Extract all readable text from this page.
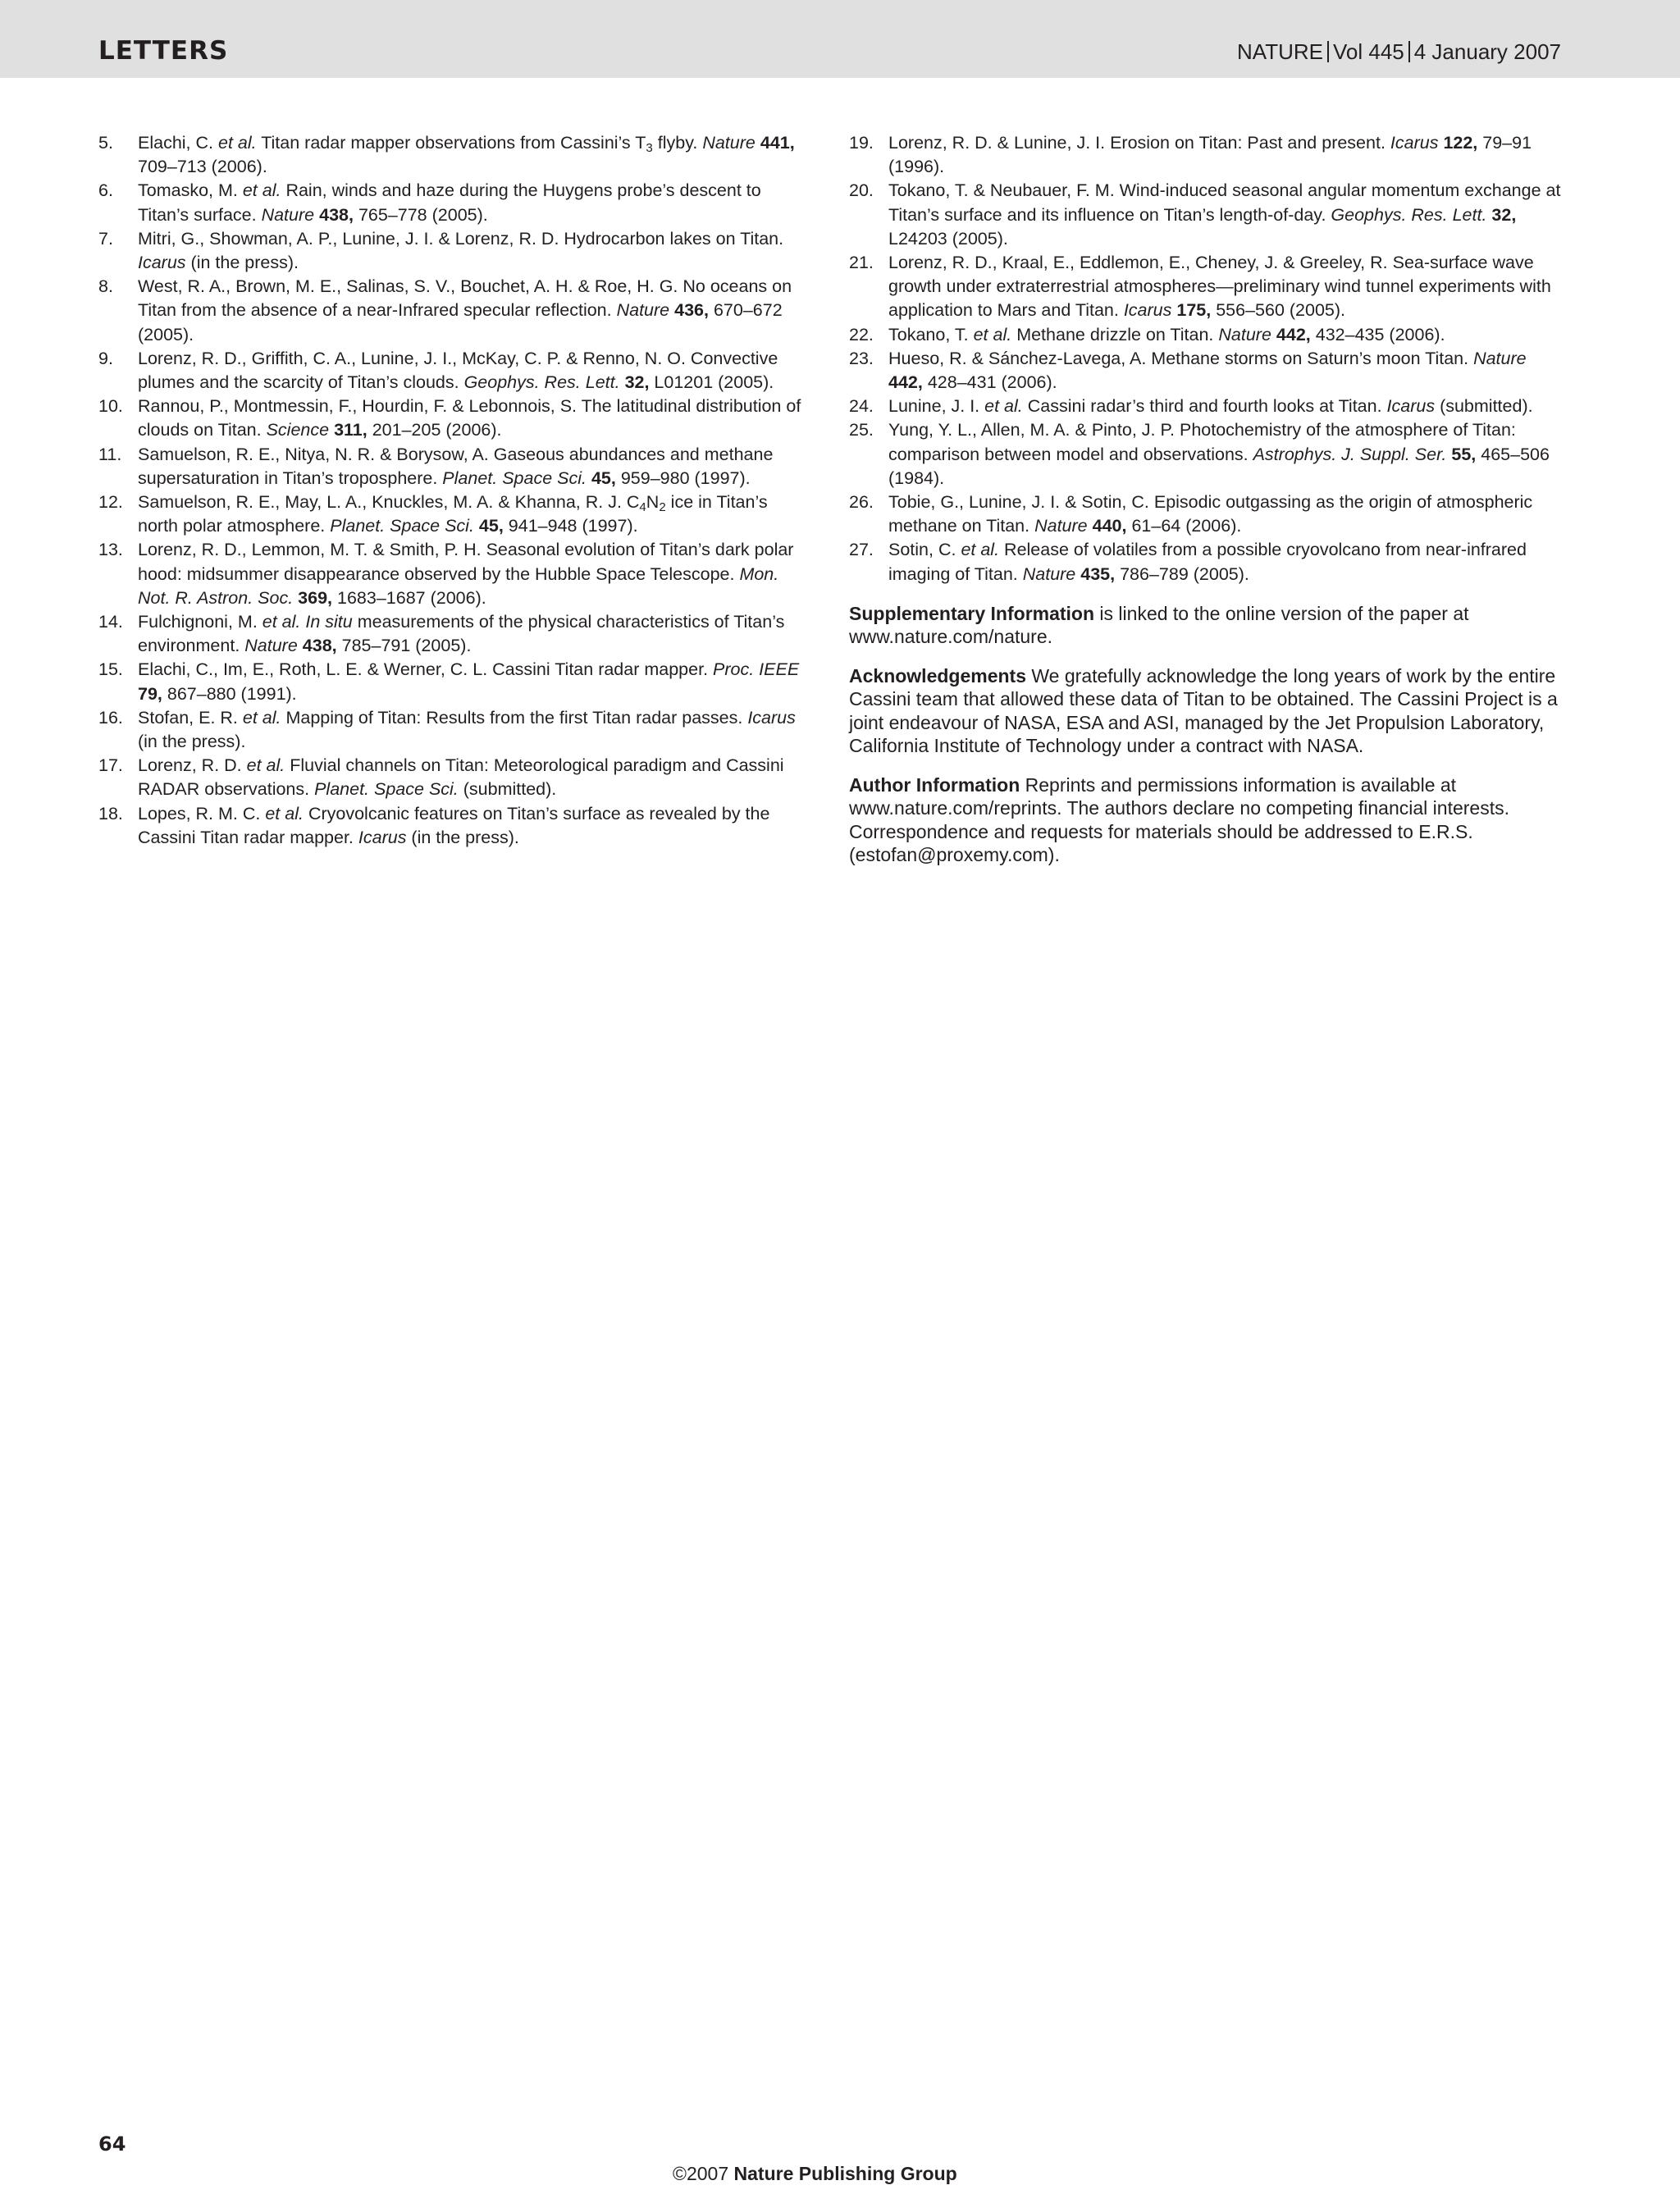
LETTERS	NATURE Vol 445 4 January 2007
5.	Elachi, C. et al. Titan radar mapper observations from Cassini’s $T_3$ flyby. Nature 441, 709–713 (2006).
6.	Tomasko, M. et al. Rain, winds and haze during the Huygens probe’s descent to Titan’s surface. Nature 438, 765–778 (2005).
7.	Mitri, G., Showman, A. P., Lunine, J. I. & Lorenz, R. D. Hydrocarbon lakes on Titan. Icarus (in the press).
8.	West, R. A., Brown, M. E., Salinas, S. V., Bouchet, A. H. & Roe, H. G. No oceans on Titan from the absence of a near-Infrared specular reflection. Nature 436, 670–672 (2005).
9.	Lorenz, R. D., Griffith, C. A., Lunine, J. I., McKay, C. P. & Renno, N. O. Convective plumes and the scarcity of Titan’s clouds. Geophys. Res. Lett. 32, L01201 (2005).
10. Rannou, P., Montmessin, F., Hourdin, F. & Lebonnois, S. The latitudinal distribution of clouds on Titan. Science 311, 201–205 (2006).
11. Samuelson, R. E., Nitya, N. R. & Borysow, A. Gaseous abundances and methane supersaturation in Titan’s troposphere. Planet. Space Sci. 45, 959–980 (1997).
12. Samuelson, R. E., May, L. A., Knuckles, M. A. & Khanna, R. J. $C_4N_2$ ice in Titan’s north polar atmosphere. Planet. Space Sci. 45, 941–948 (1997).
13. Lorenz, R. D., Lemmon, M. T. & Smith, P. H. Seasonal evolution of Titan’s dark polar hood: midsummer disappearance observed by the Hubble Space Telescope. Mon. Not. R. Astron. Soc. 369, 1683–1687 (2006).
14. Fulchignoni, M. et al. In situ measurements of the physical characteristics of Titan’s environment. Nature 438, 785–791 (2005).
15. Elachi, C., Im, E., Roth, L. E. & Werner, C. L. Cassini Titan radar mapper. Proc. IEEE 79, 867–880 (1991).
16. Stofan, E. R. et al. Mapping of Titan: Results from the first Titan radar passes. Icarus (in the press).
17. Lorenz, R. D. et al. Fluvial channels on Titan: Meteorological paradigm and Cassini RADAR observations. Planet. Space Sci. (submitted).
18. Lopes, R. M. C. et al. Cryovolcanic features on Titan’s surface as revealed by the Cassini Titan radar mapper. Icarus (in the press).
19. Lorenz, R. D. & Lunine, J. I. Erosion on Titan: Past and present. Icarus 122, 79–91 (1996).
20. Tokano, T. & Neubauer, F. M. Wind-induced seasonal angular momentum exchange at Titan’s surface and its influence on Titan’s length-of-day. Geophys. Res. Lett. 32, L24203 (2005).
21. Lorenz, R. D., Kraal, E., Eddlemon, E., Cheney, J. & Greeley, R. Sea-surface wave growth under extraterrestrial atmospheres—preliminary wind tunnel experiments with application to Mars and Titan. Icarus 175, 556–560 (2005).
22. Tokano, T. et al. Methane drizzle on Titan. Nature 442, 432–435 (2006).
23. Hueso, R. & Sánchez-Lavega, A. Methane storms on Saturn’s moon Titan. Nature 442, 428–431 (2006).
24. Lunine, J. I. et al. Cassini radar’s third and fourth looks at Titan. Icarus (submitted).
25. Yung, Y. L., Allen, M. A. & Pinto, J. P. Photochemistry of the atmosphere of Titan: comparison between model and observations. Astrophys. J. Suppl. Ser. 55, 465–506 (1984).
26. Tobie, G., Lunine, J. I. & Sotin, C. Episodic outgassing as the origin of atmospheric methane on Titan. Nature 440, 61–64 (2006).
27. Sotin, C. et al. Release of volatiles from a possible cryovolcano from near-infrared imaging of Titan. Nature 435, 786–789 (2005).

Supplementary Information is linked to the online version of the paper at www.nature.com/nature.

Acknowledgements We gratefully acknowledge the long years of work by the entire Cassini team that allowed these data of Titan to be obtained. The Cassini Project is a joint endeavour of NASA, ESA and ASI, managed by the Jet Propulsion Laboratory, California Institute of Technology under a contract with NASA.

Author Information Reprints and permissions information is available at www.nature.com/reprints. The authors declare no competing financial interests. Correspondence and requests for materials should be addressed to E.R.S. (estofan@proxemy.com).

64
©2007 Nature Publishing Group
